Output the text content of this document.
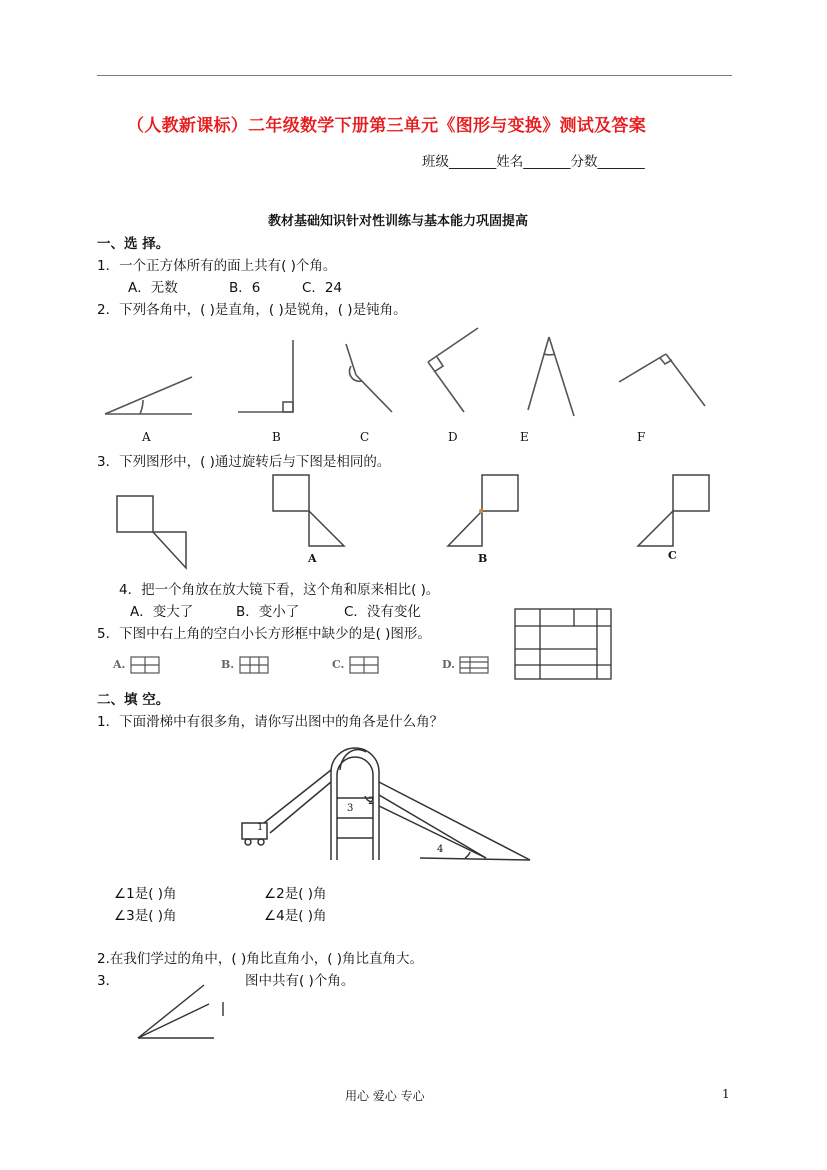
（人教新课标）二年级数学下册第三单元《图形与变换》测试及答案
班级_______姓名_______分数_______
教材基础知识针对性训练与基本能力巩固提高
一、选 择。
1．一个正方体所有的面上共有( )个角。
A．无数	B．6	C．24
2．下列各角中，( )是直角，( )是锐角，( )是钝角。
A	B	C	D	E	F
3．下列图形中，( )通过旋转后与下图是相同的。
A	B	C
4．把一个角放在放大镜下看，这个角和原来相比( )。
A．变大了	B．变小了	C．没有变化
5．下图中右上角的空白小长方形框中缺少的是( )图形。
A.	B.	C.	D.
二、填 空。
1．下面滑梯中有很多角，请你写出图中的角各是什么角？
1
2
3
4
∠1是( )角	∠2是( )角
∠3是( )角	∠4是( )角
2.在我们学过的角中，( )角比直角小，( )角比直角大。
3．	图中共有( )个角。
用心 爱心 专心	1
